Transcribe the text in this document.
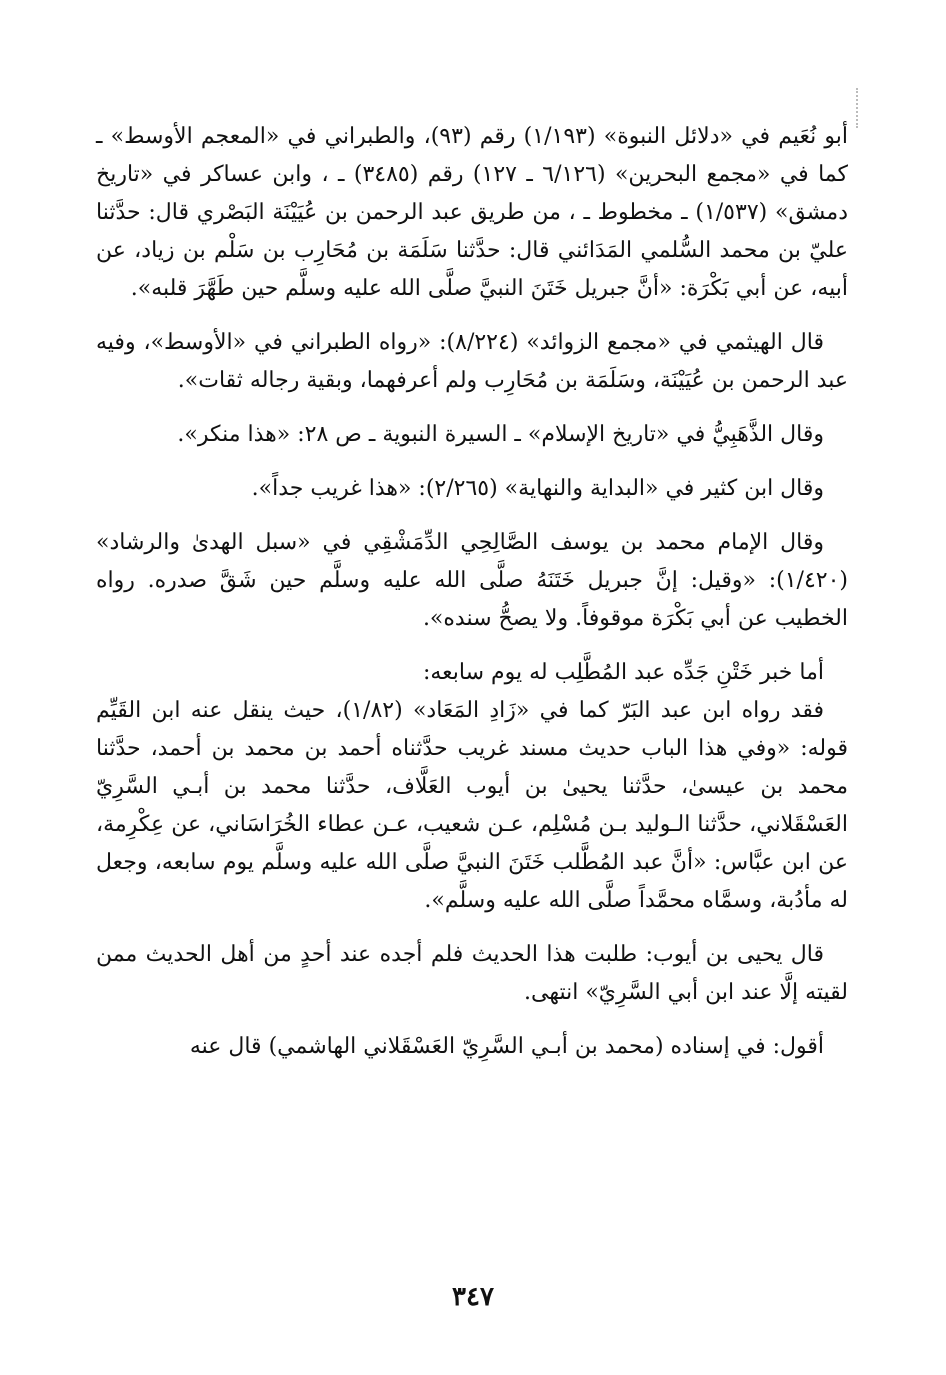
أبو نُعَيم في «دلائل النبوة» (١/١٩٣) رقم (٩٣)، والطبراني في «المعجم الأوسط» ـ كما في «مجمع البحرين» (٦/١٢٦ ـ ١٢٧) رقم (٣٤٨٥) ـ ، وابن عساكر في «تاريخ دمشق» (١/٥٣٧) ـ مخطوط ـ ، من طريق عبد الرحمن بن عُيَيْنَة البَصْري قال: حدَّثنا عليّ بن محمد السُّلمي المَدَائني قال: حدَّثنا سَلَمَة بن مُحَارِب بن سَلْم بن زياد، عن أبيه، عن أبي بَكْرَة: «أنَّ جبريل خَتَنَ النبيَّ صلَّى الله عليه وسلَّم حين طَهَّرَ قلبه».

قال الهيثمي في «مجمع الزوائد» (٨/٢٢٤): «رواه الطبراني في «الأوسط»، وفيه عبد الرحمن بن عُيَيْنَة، وسَلَمَة بن مُحَارِب ولم أعرفهما، وبقية رجاله ثقات».

وقال الذَّهَبِيُّ في «تاريخ الإسلام» ـ السيرة النبوية ـ ص ٢٨: «هذا منكر».

وقال ابن كثير في «البداية والنهاية» (٢/٢٦٥): «هذا غريب جداً».

وقال الإمام محمد بن يوسف الصَّالِحِي الدِّمَشْقِي في «سبل الهدىٰ والرشاد» (١/٤٢٠): «وقيل: إنَّ جبريل خَتَنَهُ صلَّى الله عليه وسلَّم حين شَقَّ صدره. رواه الخطيب عن أبي بَكْرَة موقوفاً. ولا يصحُّ سنده».

أما خبر خَتْنِ جَدِّه عبد المُطَّلِب له يوم سابعه:

فقد رواه ابن عبد البَرّ كما في «زَادِ المَعَاد» (١/٨٢)، حيث ينقل عنه ابن القَيِّم قوله: «وفي هذا الباب حديث مسند غريب حدَّثناه أحمد بن محمد بن أحمد، حدَّثنا محمد بن عيسىٰ، حدَّثنا يحيىٰ بن أيوب العَلَّاف، حدَّثنا محمد بن أبـي السَّرِيّ العَسْقَلاني، حدَّثنا الـوليد بـن مُسْلِم، عـن شعيب، عـن عطاء الخُرَاسَاني، عن عِكْرِمة، عن ابن عبَّاس: «أنَّ عبد المُطَّلب خَتَنَ النبيَّ صلَّى الله عليه وسلَّم يوم سابعه، وجعل له مأدُبة، وسمَّاه محمَّداً صلَّى الله عليه وسلَّم».

قال يحيى بن أيوب: طلبت هذا الحديث فلم أجده عند أحدٍ من أهل الحديث ممن لقيته إلَّا عند ابن أبي السَّرِيّ» انتهى.

أقول: في إسناده (محمد بن أبـي السَّرِيّ العَسْقَلاني الهاشمي) قال عنه

٣٤٧
